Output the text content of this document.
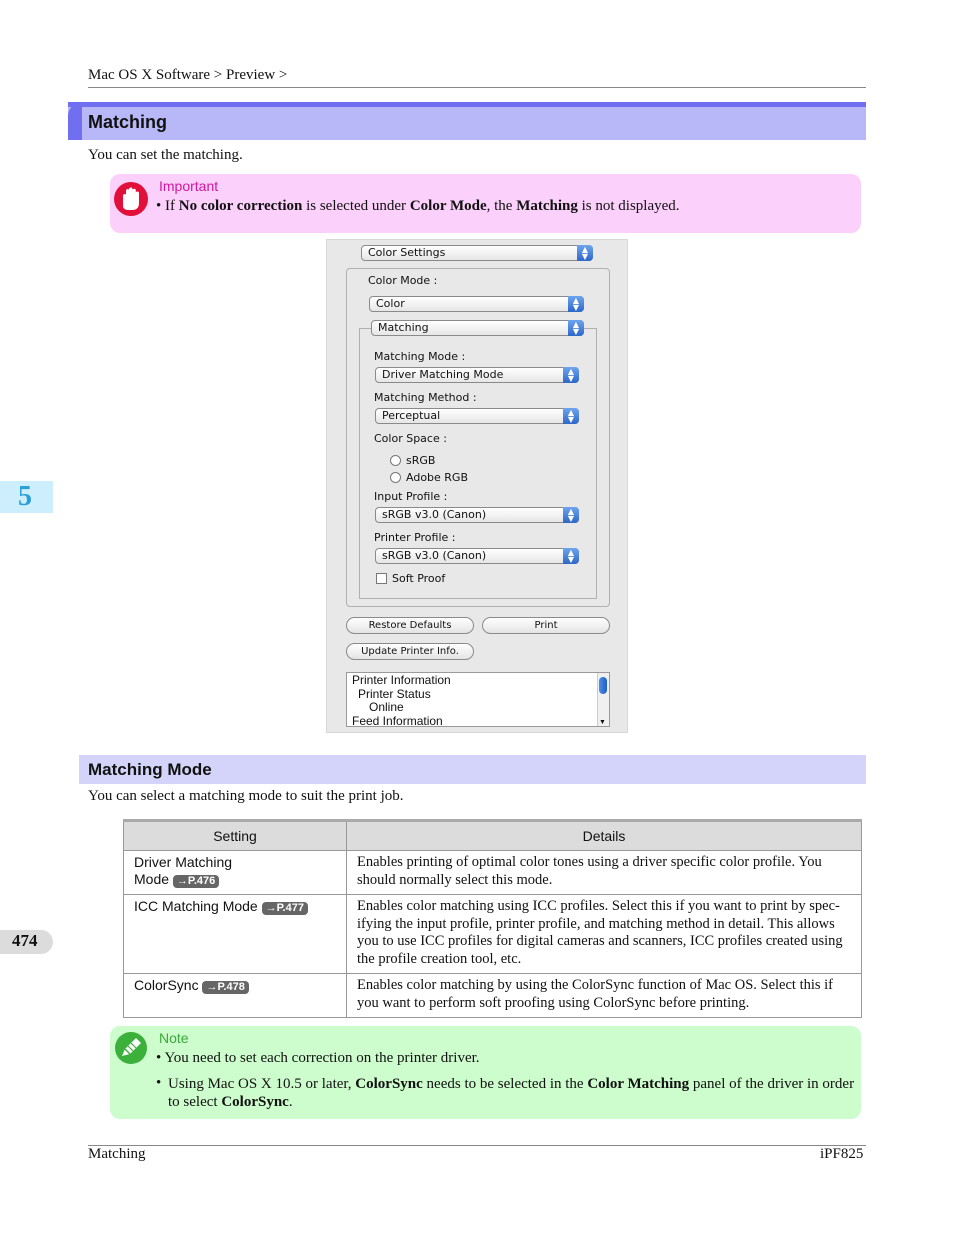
Mac OS X Software > Preview >
Matching
You can set the matching.
Important
• If No color correction is selected under Color Mode, the Matching is not displayed.
Color Settings	▲
▼
Color Mode :
Color	▲
▼
Matching	▲
▼
Matching Mode :
Driver Matching Mode	▲
▼
Matching Method :
Perceptual	▲
▼
Color Space :
sRGB
Adobe RGB
Input Profile :
sRGB v3.0 (Canon)	▲
▼
Printer Profile :
sRGB v3.0 (Canon)	▲
▼
Soft Proof
Restore Defaults	Print
Update Printer Info.
Printer Information
Printer Status
Online
Feed Information	▼
Matching Mode
You can select a matching mode to suit the print job.
Setting	Details
Driver Matching
Mode →P.476	Enables printing of optimal color tones using a driver specific color profile. You should normally select this mode.
ICC Matching Mode →P.477	Enables color matching using ICC profiles. Select this if you want to print by spec-ifying the input profile, printer profile, and matching method in detail. This allows you to use ICC profiles for digital cameras and scanners, ICC profiles created using the profile creation tool, etc.
ColorSync →P.478	Enables color matching by using the ColorSync function of Mac OS. Select this if you want to perform soft proofing using ColorSync before printing.
Note
• You need to set each correction on the printer driver.
• Using Mac OS X 10.5 or later, ColorSync needs to be selected in the Color Matching panel of the driver in order to select ColorSync.
Matching	iPF825
5
474
